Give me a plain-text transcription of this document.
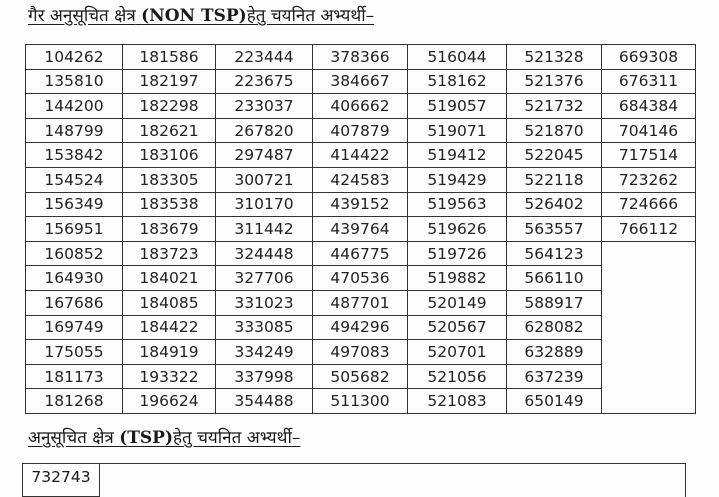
गैर अनुसूचित क्षेत्र (NON TSP)हेतु चयनित अभ्यर्थी–
104262	181586	223444	378366	516044	521328	669308
135810	182197	223675	384667	518162	521376	676311
144200	182298	233037	406662	519057	521732	684384
148799	182621	267820	407879	519071	521870	704146
153842	183106	297487	414422	519412	522045	717514
154524	183305	300721	424583	519429	522118	723262
156349	183538	310170	439152	519563	526402	724666
156951	183679	311442	439764	519626	563557	766112
160852	183723	324448	446775	519726	564123	
164930	184021	327706	470536	519882	566110	
167686	184085	331023	487701	520149	588917	
169749	184422	333085	494296	520567	628082	
175055	184919	334249	497083	520701	632889	
181173	193322	337998	505682	521056	637239	
181268	196624	354488	511300	521083	650149	
अनुसूचित क्षेत्र (TSP)हेतु चयनित अभ्यर्थी–
732743	
